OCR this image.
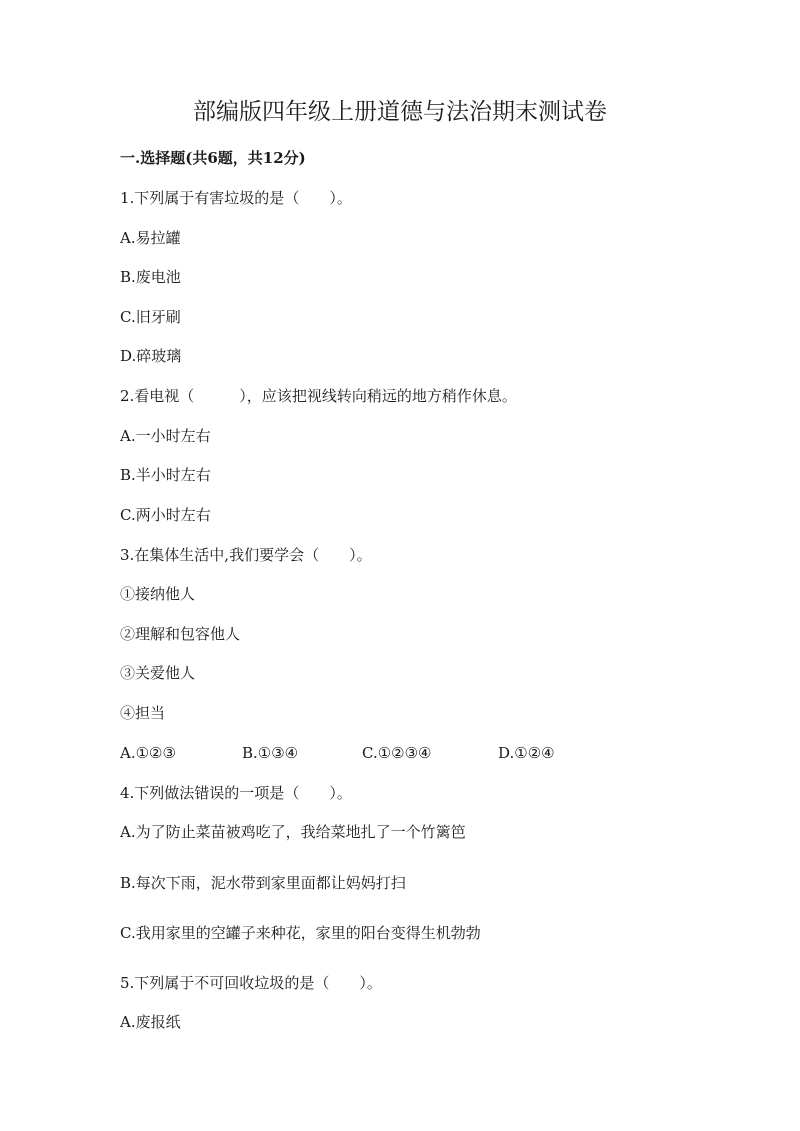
部编版四年级上册道德与法治期末测试卷
一.选择题(共6题，共12分)
1.下列属于有害垃圾的是（　　）。
A.易拉罐
B.废电池
C.旧牙刷
D.碎玻璃
2.看电视（　　　），应该把视线转向稍远的地方稍作休息。
A.一小时左右
B.半小时左右
C.两小时左右
3.在集体生活中,我们要学会（　　）。
①接纳他人
②理解和包容他人
③关爱他人
④担当
A.①②③	B.①③④	C.①②③④	D.①②④
4.下列做法错误的一项是（　　）。
A.为了防止菜苗被鸡吃了，我给菜地扎了一个竹篱笆
B.每次下雨，泥水带到家里面都让妈妈打扫
C.我用家里的空罐子来种花，家里的阳台变得生机勃勃
5.下列属于不可回收垃圾的是（　　）。
A.废报纸
